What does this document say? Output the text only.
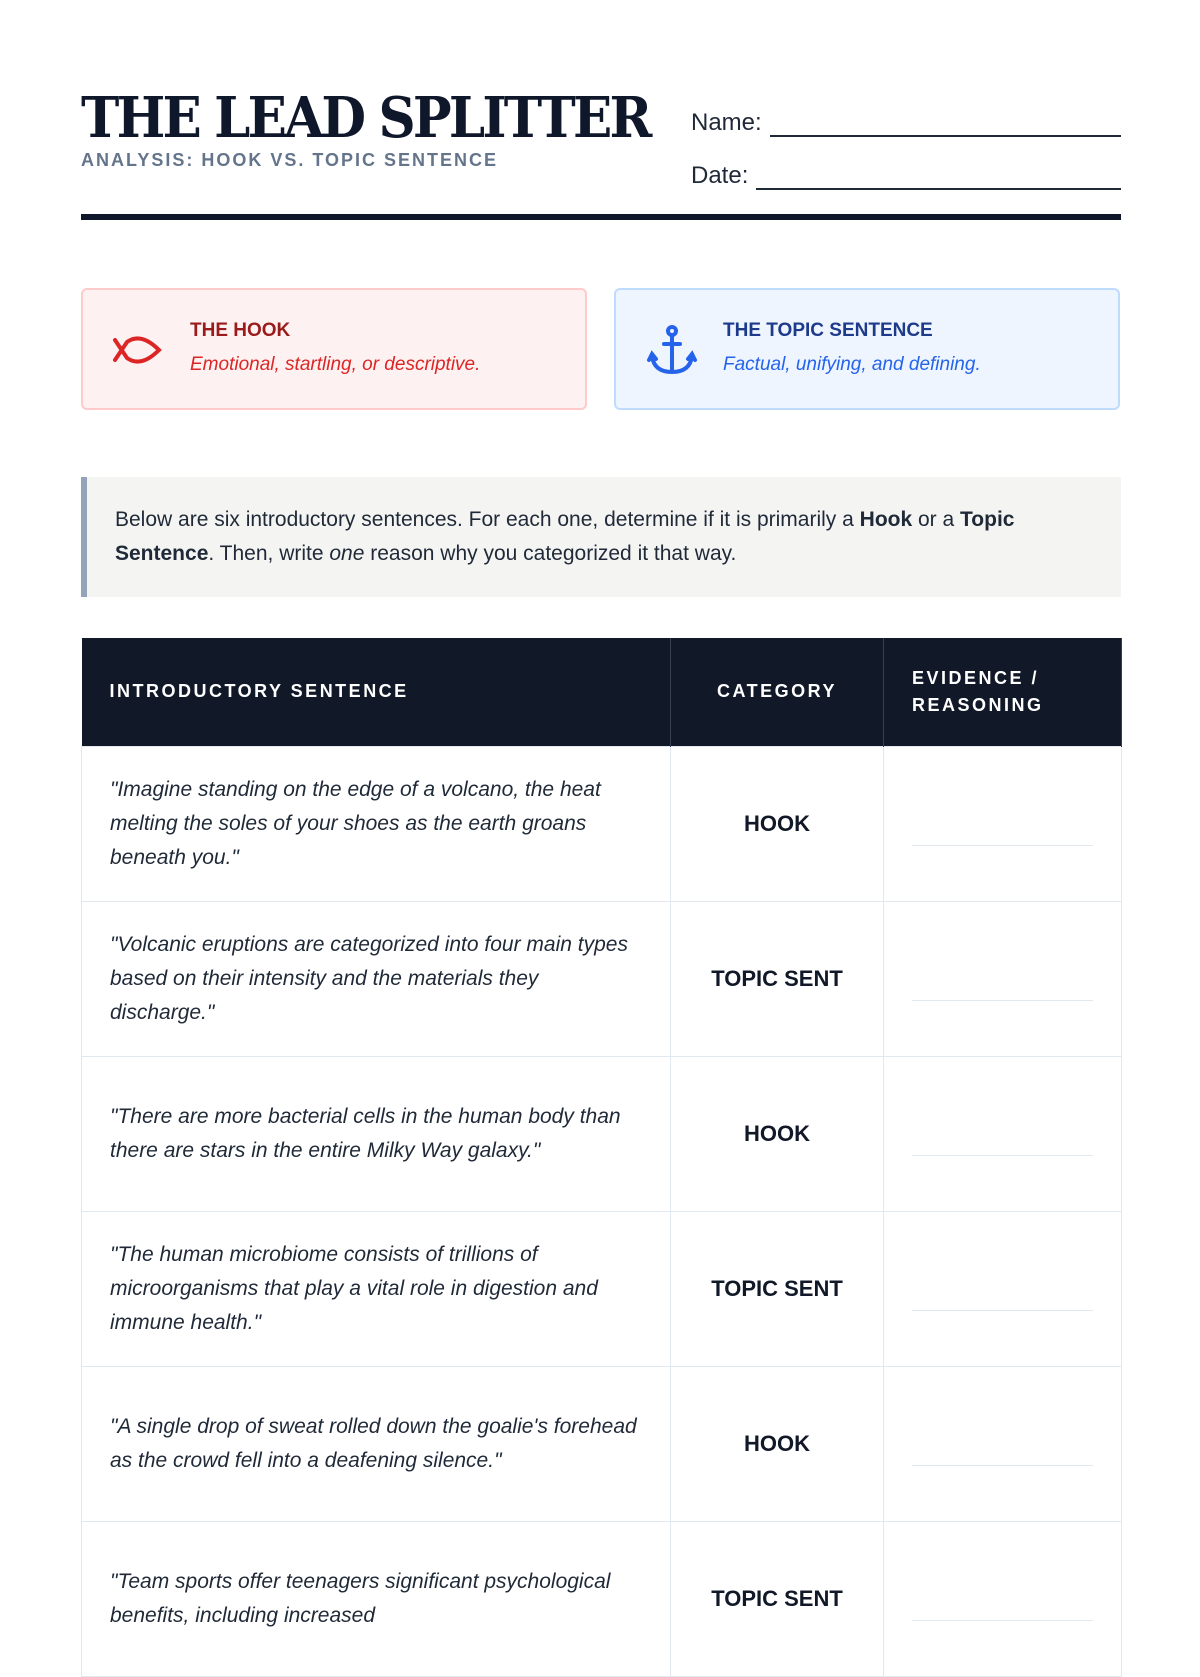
THE LEAD SPLITTER
ANALYSIS: HOOK VS. TOPIC SENTENCE
Name:
Date:
THE HOOK
Emotional, startling, or descriptive.
THE TOPIC SENTENCE
Factual, unifying, and defining.
Below are six introductory sentences. For each one, determine if it is primarily a Hook or a Topic Sentence. Then, write one reason why you categorized it that way.
INTRODUCTORY SENTENCE	CATEGORY	EVIDENCE / REASONING
"Imagine standing on the edge of a volcano, the heat melting the soles of your shoes as the earth groans beneath you."	HOOK	

"Volcanic eruptions are categorized into four main types based on their intensity and the materials they discharge."	TOPIC SENT	

"There are more bacterial cells in the human body than there are stars in the entire Milky Way galaxy."	HOOK	

"The human microbiome consists of trillions of microorganisms that play a vital role in digestion and immune health."	TOPIC SENT	

"A single drop of sweat rolled down the goalie's forehead as the crowd fell into a deafening silence."	HOOK	

"Team sports offer teenagers significant psychological benefits, including increased	TOPIC SENT	
